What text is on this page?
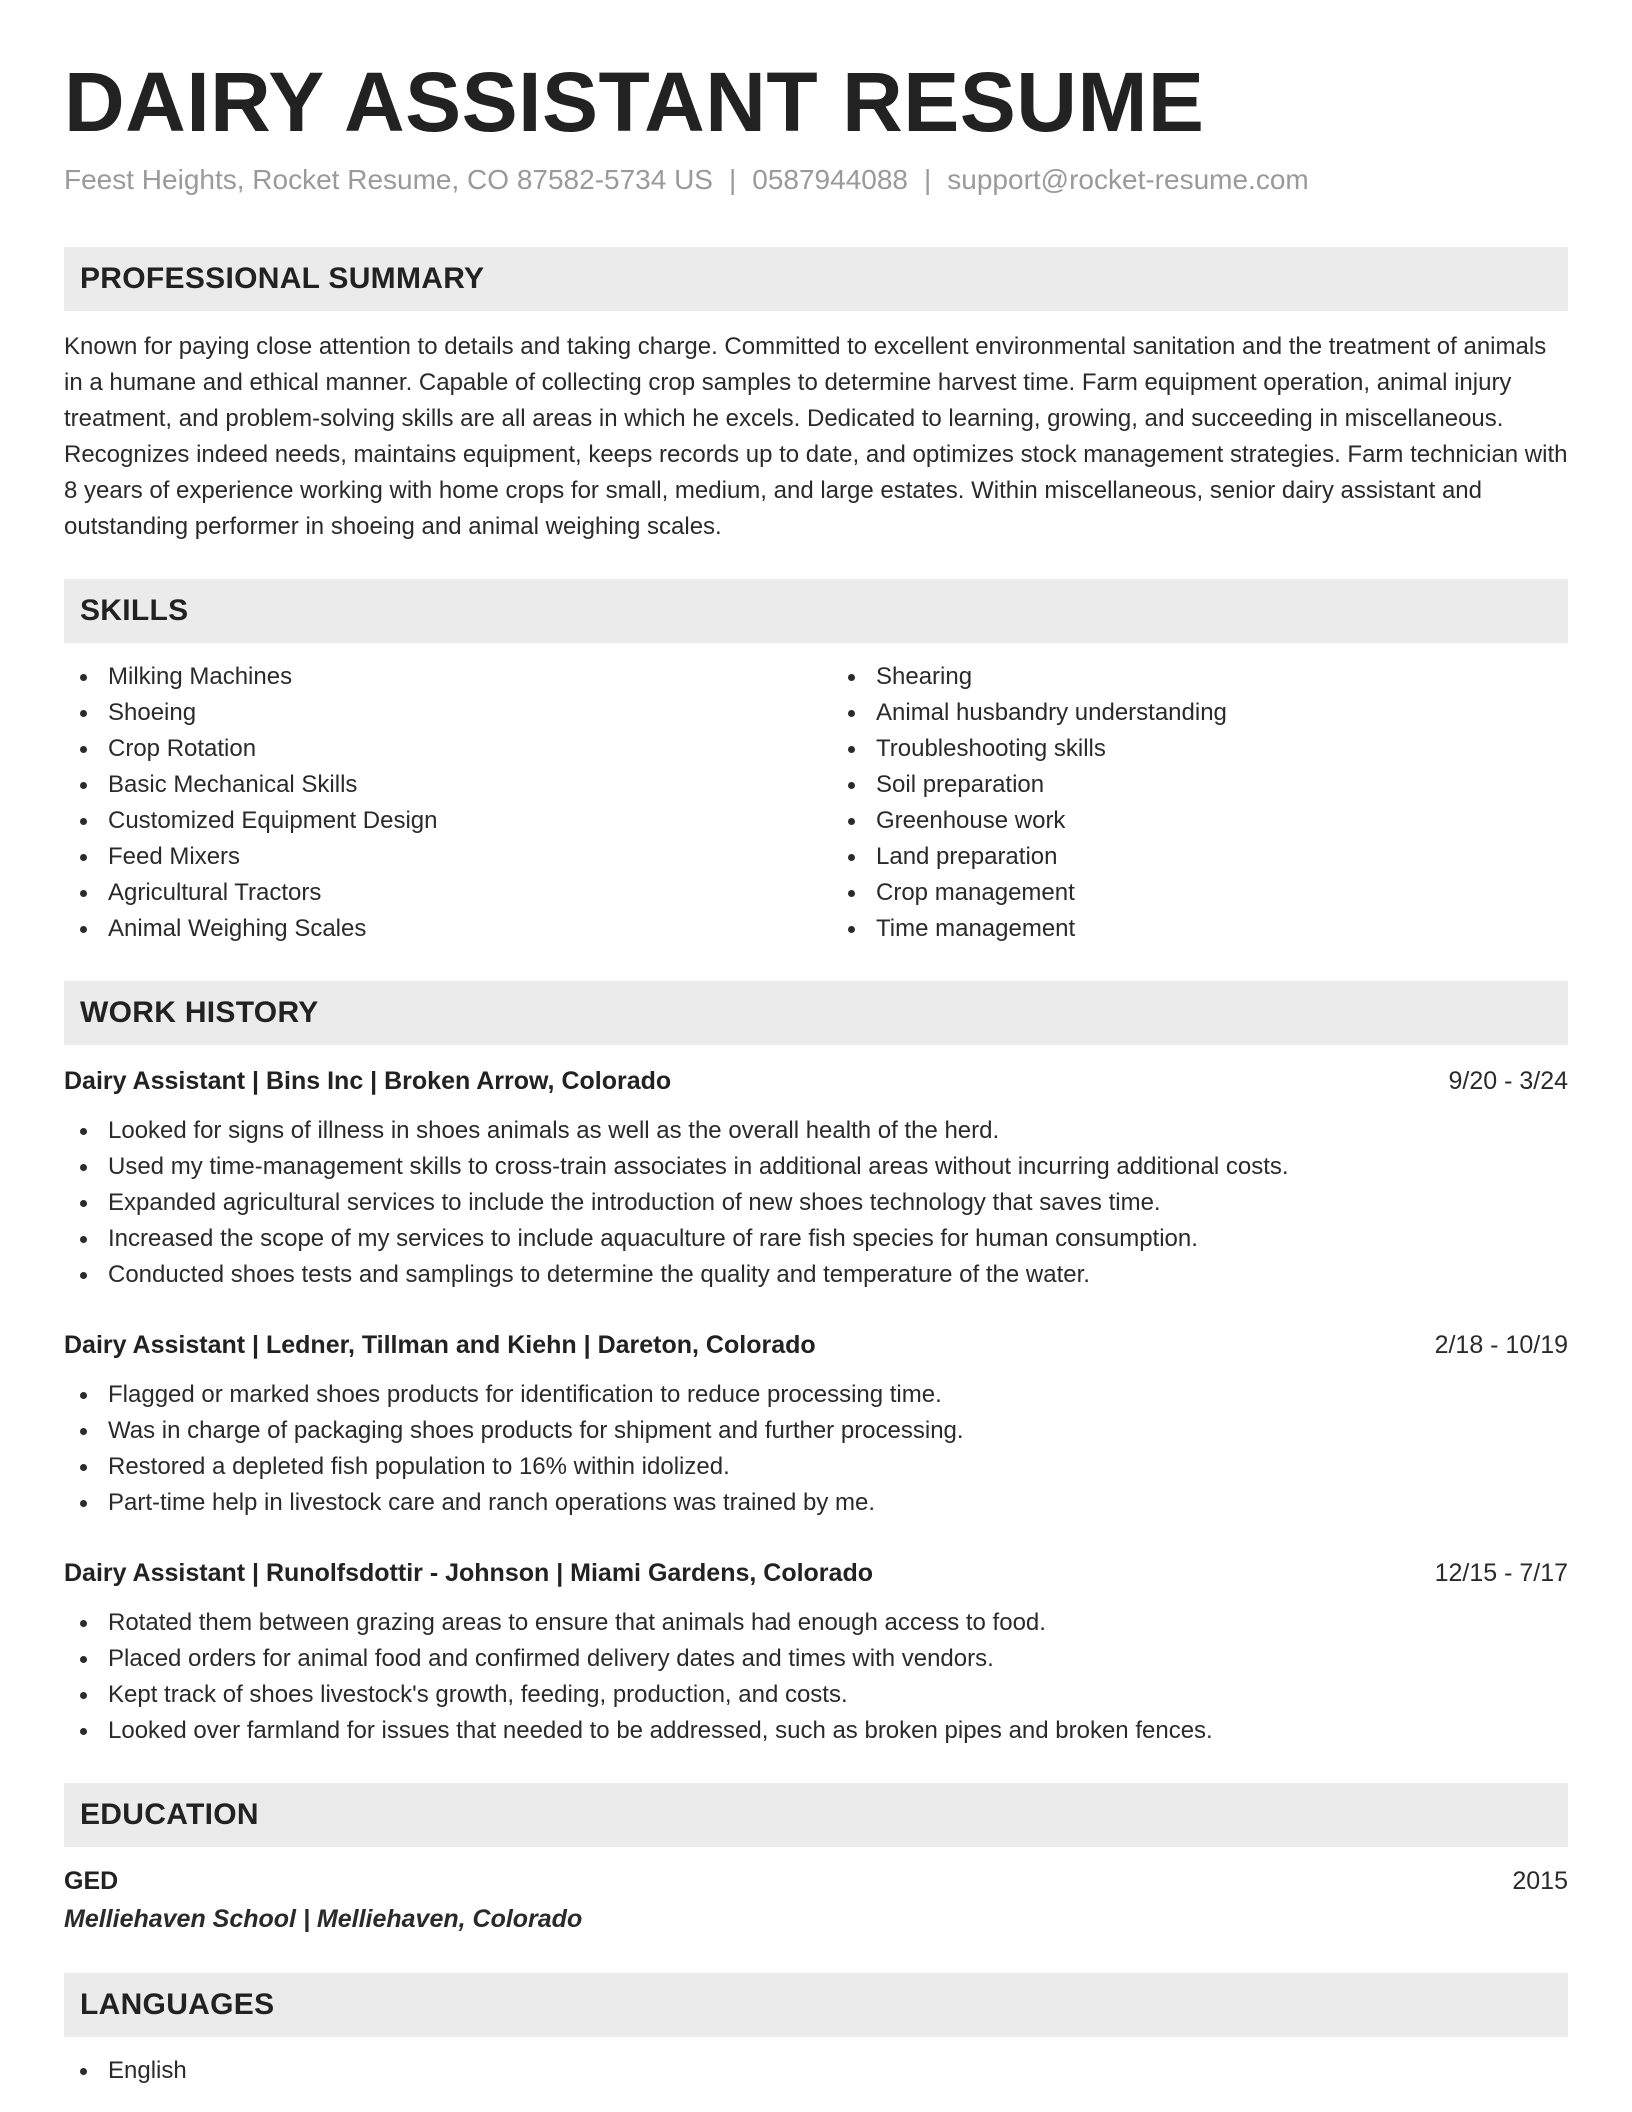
DAIRY ASSISTANT RESUME
Feest Heights, Rocket Resume, CO 87582-5734 US | 0587944088 | support@rocket-resume.com
PROFESSIONAL SUMMARY

Known for paying close attention to details and taking charge. Committed to excellent environmental sanitation and the treatment of animals in a humane and ethical manner. Capable of collecting crop samples to determine harvest time. Farm equipment operation, animal injury treatment, and problem-solving skills are all areas in which he excels. Dedicated to learning, growing, and succeeding in miscellaneous. Recognizes indeed needs, maintains equipment, keeps records up to date, and optimizes stock management strategies. Farm technician with 8 years of experience working with home crops for small, medium, and large estates. Within miscellaneous, senior dairy assistant and outstanding performer in shoeing and animal weighing scales.

SKILLS
Milking Machines
Shoeing
Crop Rotation
Basic Mechanical Skills
Customized Equipment Design
Feed Mixers
Agricultural Tractors
Animal Weighing Scales
Shearing
Animal husbandry understanding
Troubleshooting skills
Soil preparation
Greenhouse work
Land preparation
Crop management
Time management
WORK HISTORY
Dairy Assistant | Bins Inc | Broken Arrow, Colorado	9/20 - 3/24
Looked for signs of illness in shoes animals as well as the overall health of the herd.
Used my time-management skills to cross-train associates in additional areas without incurring additional costs.
Expanded agricultural services to include the introduction of new shoes technology that saves time.
Increased the scope of my services to include aquaculture of rare fish species for human consumption.
Conducted shoes tests and samplings to determine the quality and temperature of the water.
Dairy Assistant | Ledner, Tillman and Kiehn | Dareton, Colorado	2/18 - 10/19
Flagged or marked shoes products for identification to reduce processing time.
Was in charge of packaging shoes products for shipment and further processing.
Restored a depleted fish population to 16% within idolized.
Part-time help in livestock care and ranch operations was trained by me.
Dairy Assistant | Runolfsdottir - Johnson | Miami Gardens, Colorado	12/15 - 7/17
Rotated them between grazing areas to ensure that animals had enough access to food.
Placed orders for animal food and confirmed delivery dates and times with vendors.
Kept track of shoes livestock's growth, feeding, production, and costs.
Looked over farmland for issues that needed to be addressed, such as broken pipes and broken fences.
EDUCATION
GED	2015
Melliehaven School | Melliehaven, Colorado
LANGUAGES
English
